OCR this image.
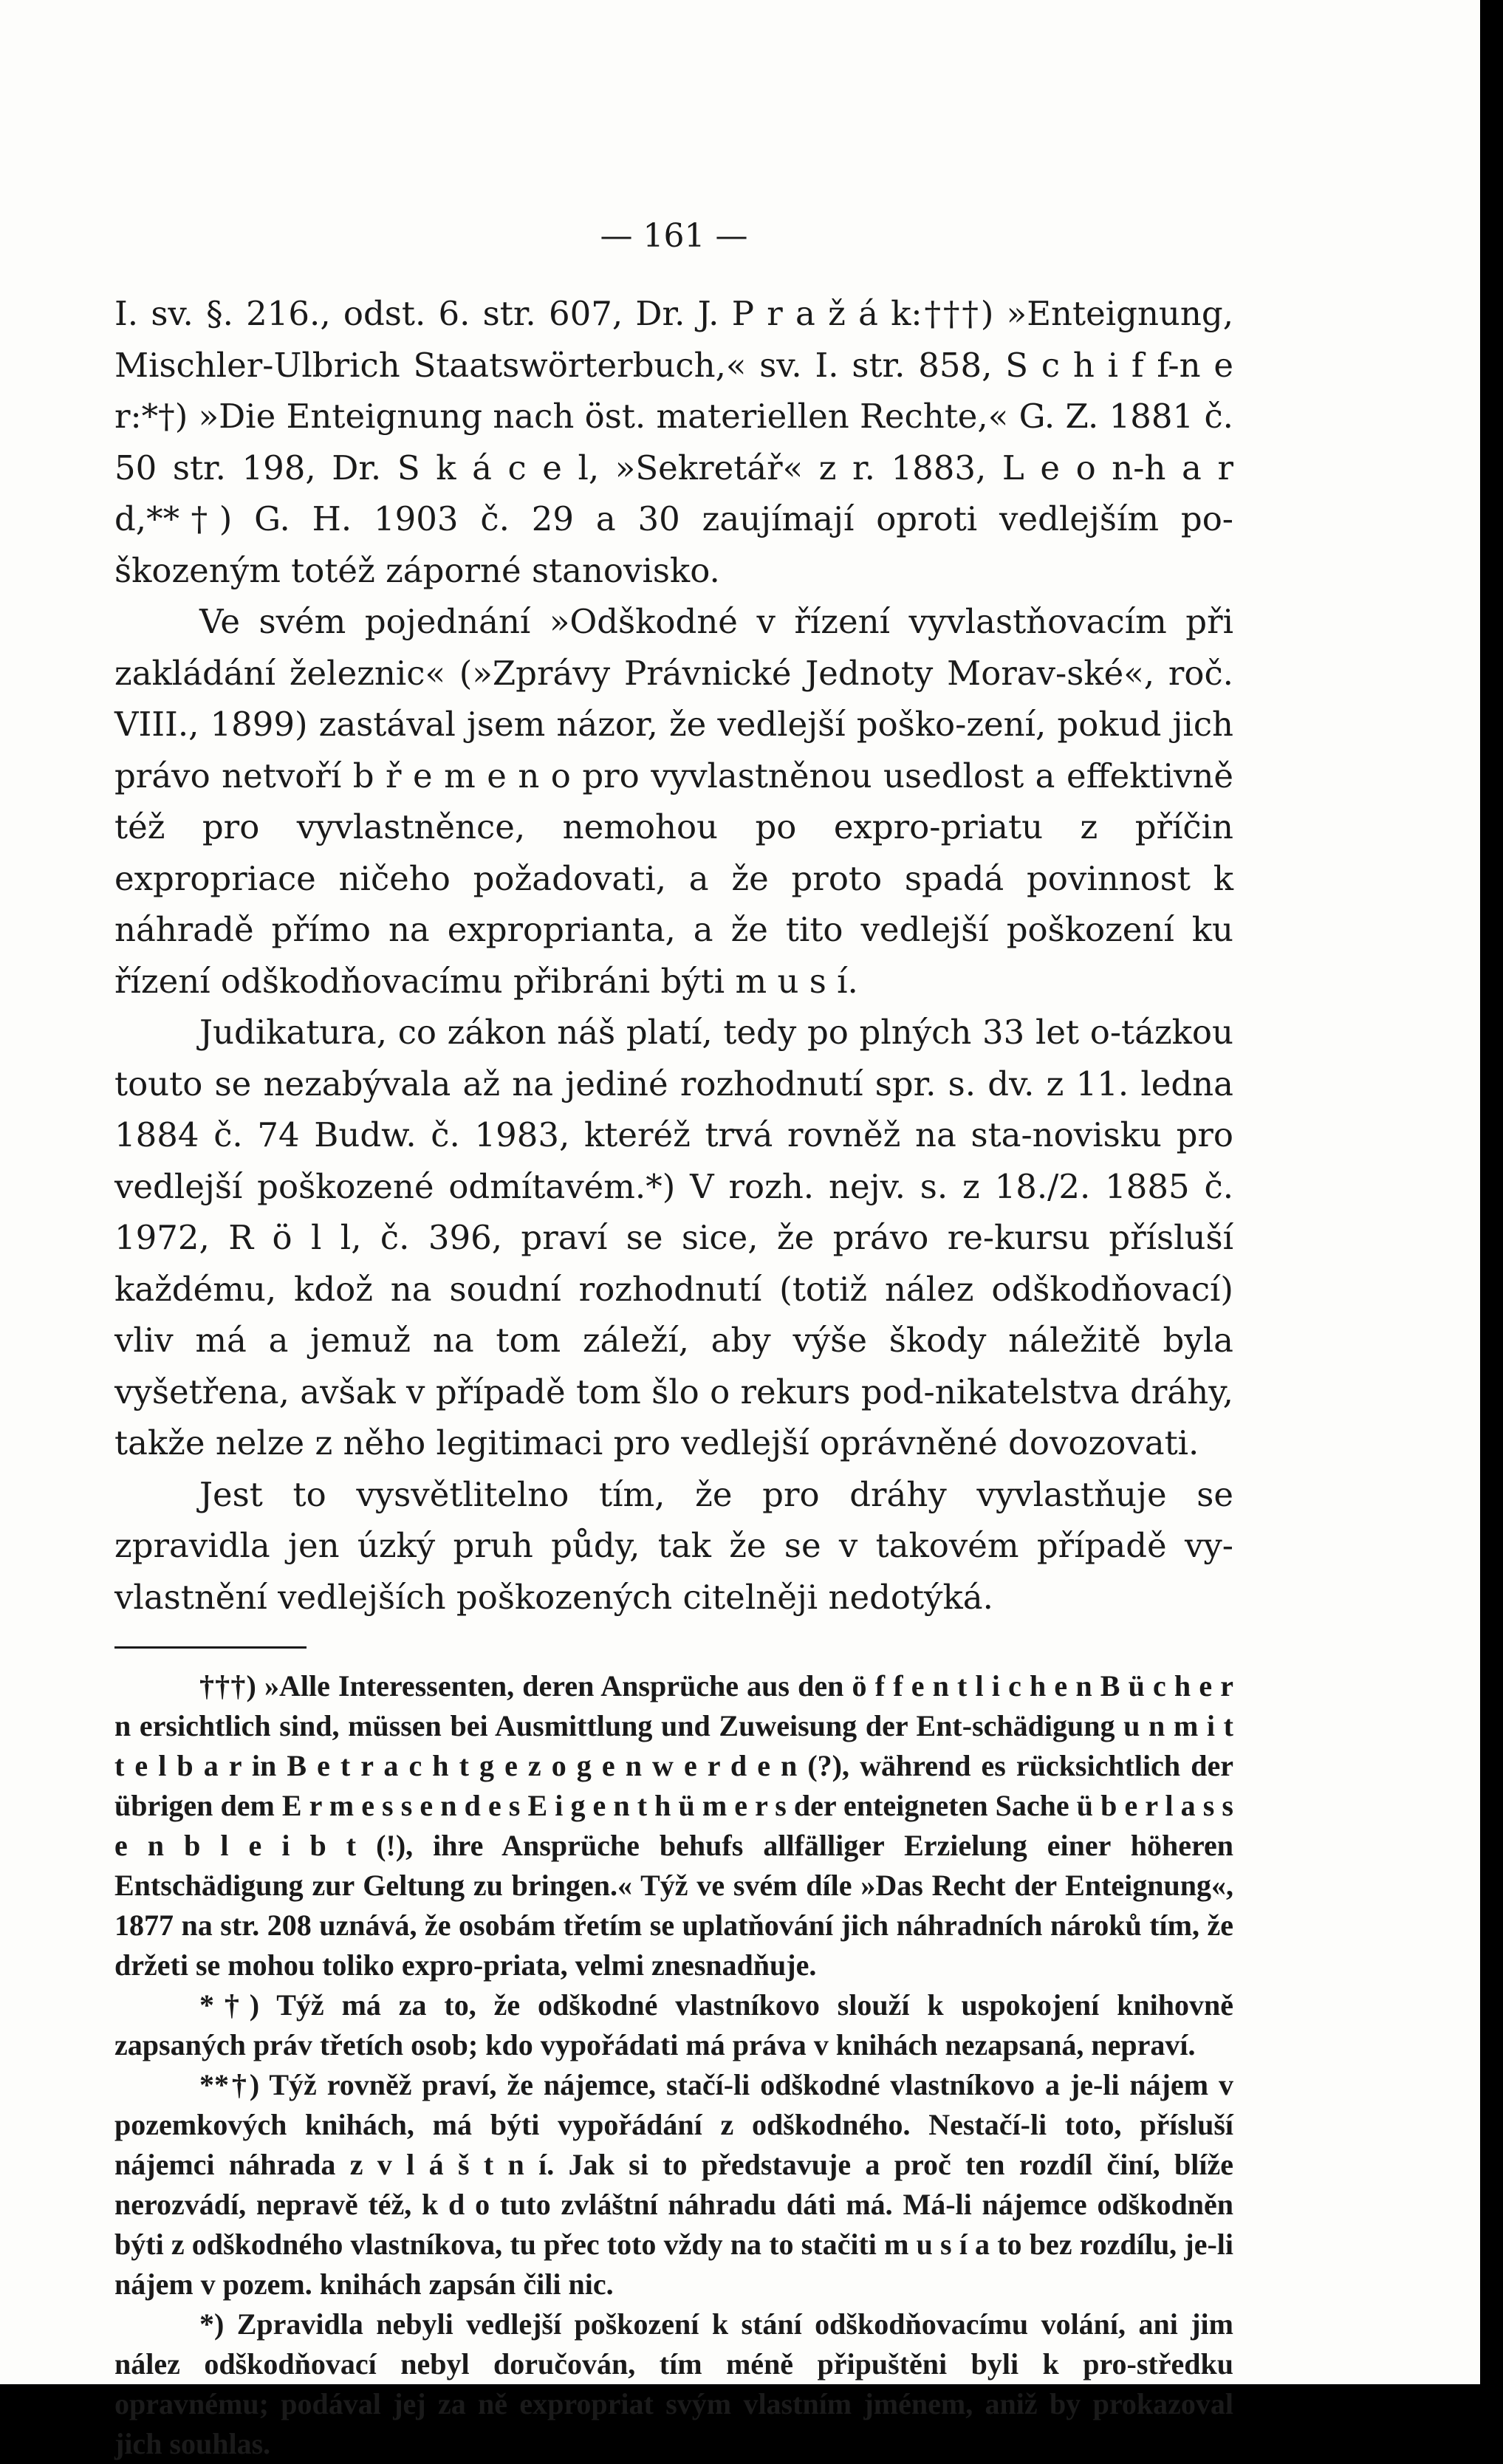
— 161 —

I. sv. §. 216., odst. 6. str. 607, Dr. J. P r a ž á k:†††) »Enteignung, Mischler-Ulbrich Staatswörterbuch,« sv. I. str. 858, S c h i f f-n e r:*†) »Die Enteignung nach öst. materiellen Rechte,« G. Z. 1881 č. 50 str. 198, Dr. S k á c e l, »Sekretář« z r. 1883, L e o n-h a r d,**†) G. H. 1903 č. 29 a 30 zaujímají oproti vedlejším po-škozeným totéž záporné stanovisko.

Ve svém pojednání »Odškodné v řízení vyvlastňovacím při zakládání železnic« (»Zprávy Právnické Jednoty Morav-ské«, roč. VIII., 1899) zastával jsem názor, že vedlejší poško-zení, pokud jich právo netvoří b ř e m e n o pro vyvlastněnou usedlost a effektivně též pro vyvlastněnce, nemohou po expro-priatu z příčin expropriace ničeho požadovati, a že proto spadá povinnost k náhradě přímo na exproprianta, a že tito vedlejší poškození ku řízení odškodňovacímu přibráni býti m u s í.

Judikatura, co zákon náš platí, tedy po plných 33 let o-tázkou touto se nezabývala až na jediné rozhodnutí spr. s. dv. z 11. ledna 1884 č. 74 Budw. č. 1983, kteréž trvá rovněž na sta-novisku pro vedlejší poškozené odmítavém.*) V rozh. nejv. s. z 18./2. 1885 č. 1972, R ö l l, č. 396, praví se sice, že právo re-kursu přísluší každému, kdož na soudní rozhodnutí (totiž nález odškodňovací) vliv má a jemuž na tom záleží, aby výše škody náležitě byla vyšetřena, avšak v případě tom šlo o rekurs pod-nikatelstva dráhy, takže nelze z něho legitimaci pro vedlejší oprávněné dovozovati.

Jest to vysvětlitelno tím, že pro dráhy vyvlastňuje se zpravidla jen úzký pruh půdy, tak že se v takovém případě vy-vlastnění vedlejších poškozených citelněji nedotýká.

†††) »Alle Interessenten, deren Ansprüche aus den ö f f e n t l i c h e n B ü c h e r n ersichtlich sind, müssen bei Ausmittlung und Zuweisung der Ent-schädigung u n m i t t e l b a r in B e t r a c h t g e z o g e n w e r d e n (?), während es rücksichtlich der übrigen dem E r m e s s e n d e s E i g e n t h ü m e r s der enteigneten Sache ü b e r l a s s e n b l e i b t (!), ihre Ansprüche behufs allfälliger Erzielung einer höheren Entschädigung zur Geltung zu bringen.« Týž ve svém díle »Das Recht der Enteignung«, 1877 na str. 208 uznává, že osobám třetím se uplatňování jich náhradních nároků tím, že držeti se mohou toliko expro-priata, velmi znesnadňuje.

*†) Týž má za to, že odškodné vlastníkovo slouží k uspokojení knihovně zapsaných práv třetích osob; kdo vypořádati má práva v knihách nezapsaná, nepraví.

**†) Týž rovněž praví, že nájemce, stačí-li odškodné vlastníkovo a je-li nájem v pozemkových knihách, má býti vypořádání z odškodného. Nestačí-li toto, přísluší nájemci náhrada z v l á š t n í. Jak si to představuje a proč ten rozdíl činí, blíže nerozvádí, nepravě též, k d o tuto zvláštní náhradu dáti má. Má-li nájemce odškodněn býti z odškodného vlastníkova, tu přec toto vždy na to stačiti m u s í a to bez rozdílu, je-li nájem v pozem. knihách zapsán čili nic.

*) Zpravidla nebyli vedlejší poškození k stání odškodňovacímu volání, ani jim nález odškodňovací nebyl doručován, tím méně připuštěni byli k pro-středku opravnému; podával jej za ně expropriat svým vlastním jménem, aniž by prokazoval jich souhlas.
